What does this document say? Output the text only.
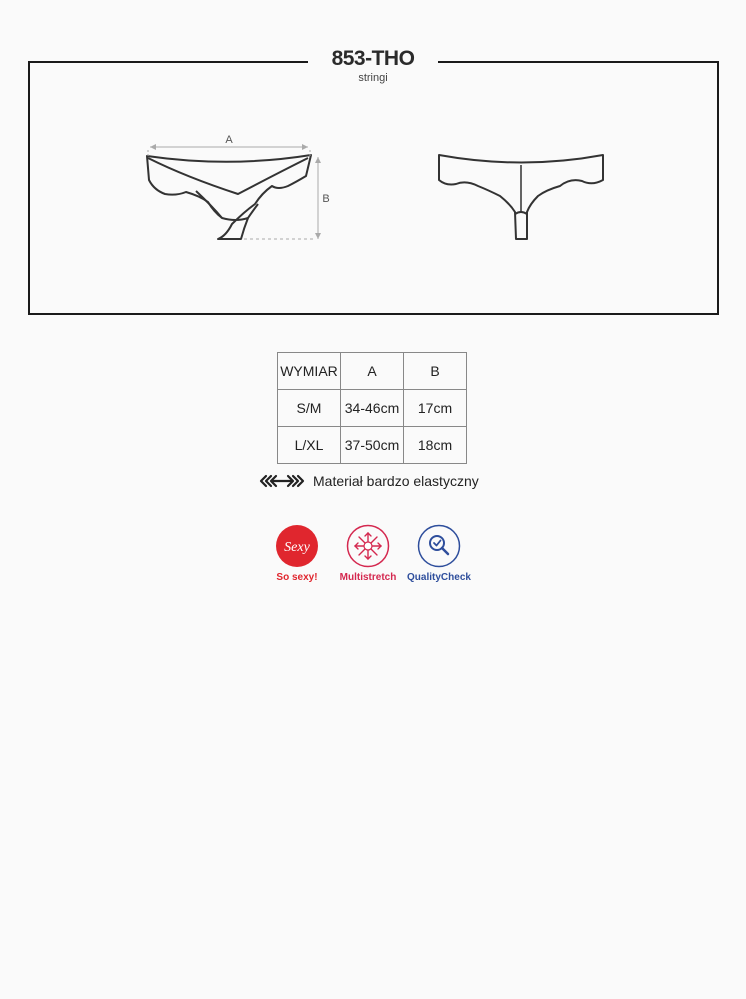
853-THO
stringi
A
B
WYMIAR	A	B
S/M	34-46cm	17cm
L/XL	37-50cm	18cm
Materiał bardzo elastyczny
Sexy
So sexy!	Multistretch	QualityCheck
